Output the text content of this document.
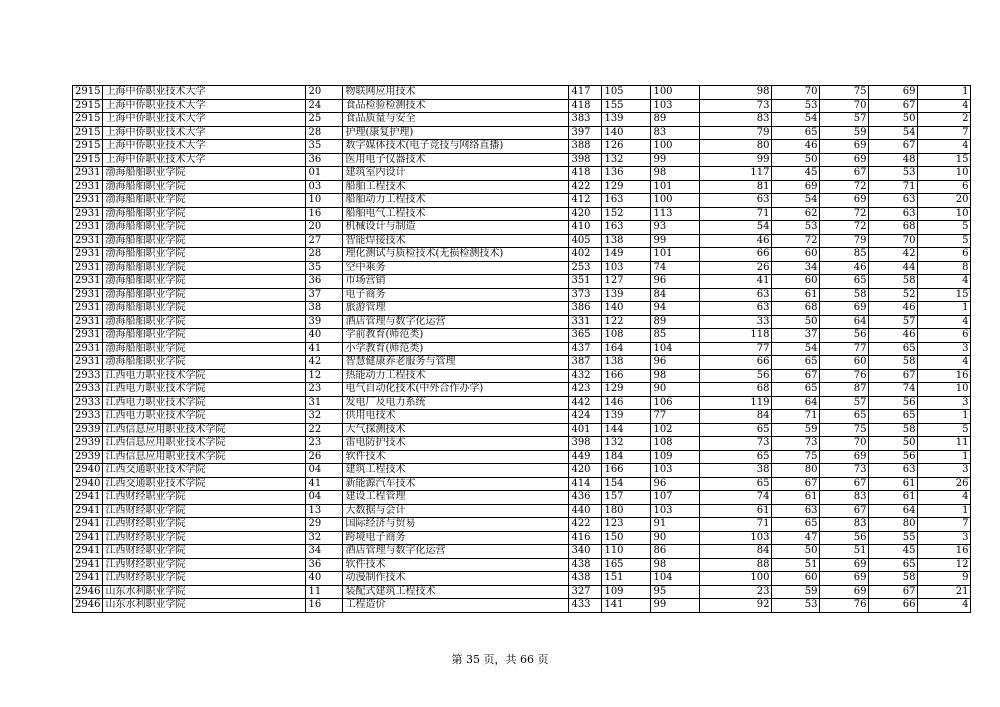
2915	上海中侨职业技术大学	20	物联网应用技术	417	105	100	98	70	75	69	1
2915	上海中侨职业技术大学	24	食品检验检测技术	418	155	103	73	53	70	67	4
2915	上海中侨职业技术大学	25	食品质量与安全	383	139	89	83	54	57	50	2
2915	上海中侨职业技术大学	28	护理(康复护理)	397	140	83	79	65	59	54	7
2915	上海中侨职业技术大学	35	数字媒体技术(电子竞技与网络直播)	388	126	100	80	46	69	67	4
2915	上海中侨职业技术大学	36	医用电子仪器技术	398	132	99	99	50	69	48	15
2931	渤海船舶职业学院	01	建筑室内设计	418	136	98	117	45	67	53	10
2931	渤海船舶职业学院	03	船舶工程技术	422	129	101	81	69	72	71	6
2931	渤海船舶职业学院	10	船舶动力工程技术	412	163	100	63	54	69	63	20
2931	渤海船舶职业学院	16	船舶电气工程技术	420	152	113	71	62	72	63	10
2931	渤海船舶职业学院	20	机械设计与制造	410	163	93	54	53	72	68	5
2931	渤海船舶职业学院	27	智能焊接技术	405	138	99	46	72	79	70	5
2931	渤海船舶职业学院	28	理化测试与质检技术(无损检测技术)	402	149	101	66	60	85	42	6
2931	渤海船舶职业学院	35	空中乘务	253	103	74	26	34	46	44	8
2931	渤海船舶职业学院	36	市场营销	351	127	96	41	60	65	58	4
2931	渤海船舶职业学院	37	电子商务	373	139	84	63	61	58	52	15
2931	渤海船舶职业学院	38	旅游管理	386	140	94	63	68	69	46	1
2931	渤海船舶职业学院	39	酒店管理与数字化运营	331	122	89	33	50	64	57	4
2931	渤海船舶职业学院	40	学前教育(师范类)	365	108	85	118	37	56	46	6
2931	渤海船舶职业学院	41	小学教育(师范类)	437	164	104	77	54	77	65	3
2931	渤海船舶职业学院	42	智慧健康养老服务与管理	387	138	96	66	65	60	58	4
2933	江西电力职业技术学院	12	热能动力工程技术	432	166	98	56	67	76	67	16
2933	江西电力职业技术学院	23	电气自动化技术(中外合作办学)	423	129	90	68	65	87	74	10
2933	江西电力职业技术学院	31	发电厂及电力系统	442	146	106	119	64	57	56	3
2933	江西电力职业技术学院	32	供用电技术	424	139	77	84	71	65	65	1
2939	江西信息应用职业技术学院	22	大气探测技术	401	144	102	65	59	75	58	5
2939	江西信息应用职业技术学院	23	雷电防护技术	398	132	108	73	73	70	50	11
2939	江西信息应用职业技术学院	26	软件技术	449	184	109	65	75	69	56	1
2940	江西交通职业技术学院	04	建筑工程技术	420	166	103	38	80	73	63	3
2940	江西交通职业技术学院	41	新能源汽车技术	414	154	96	65	67	67	61	26
2941	江西财经职业学院	04	建设工程管理	436	157	107	74	61	83	61	4
2941	江西财经职业学院	13	大数据与会计	440	180	103	61	63	67	64	1
2941	江西财经职业学院	29	国际经济与贸易	422	123	91	71	65	83	80	7
2941	江西财经职业学院	32	跨境电子商务	416	150	90	103	47	56	55	3
2941	江西财经职业学院	34	酒店管理与数字化运营	340	110	86	84	50	51	45	16
2941	江西财经职业学院	36	软件技术	438	165	98	88	51	69	65	12
2941	江西财经职业学院	40	动漫制作技术	438	151	104	100	60	69	58	9
2946	山东水利职业学院	11	装配式建筑工程技术	327	109	95	23	59	69	67	21
2946	山东水利职业学院	16	工程造价	433	141	99	92	53	76	66	4
第 35 页，共 66 页
